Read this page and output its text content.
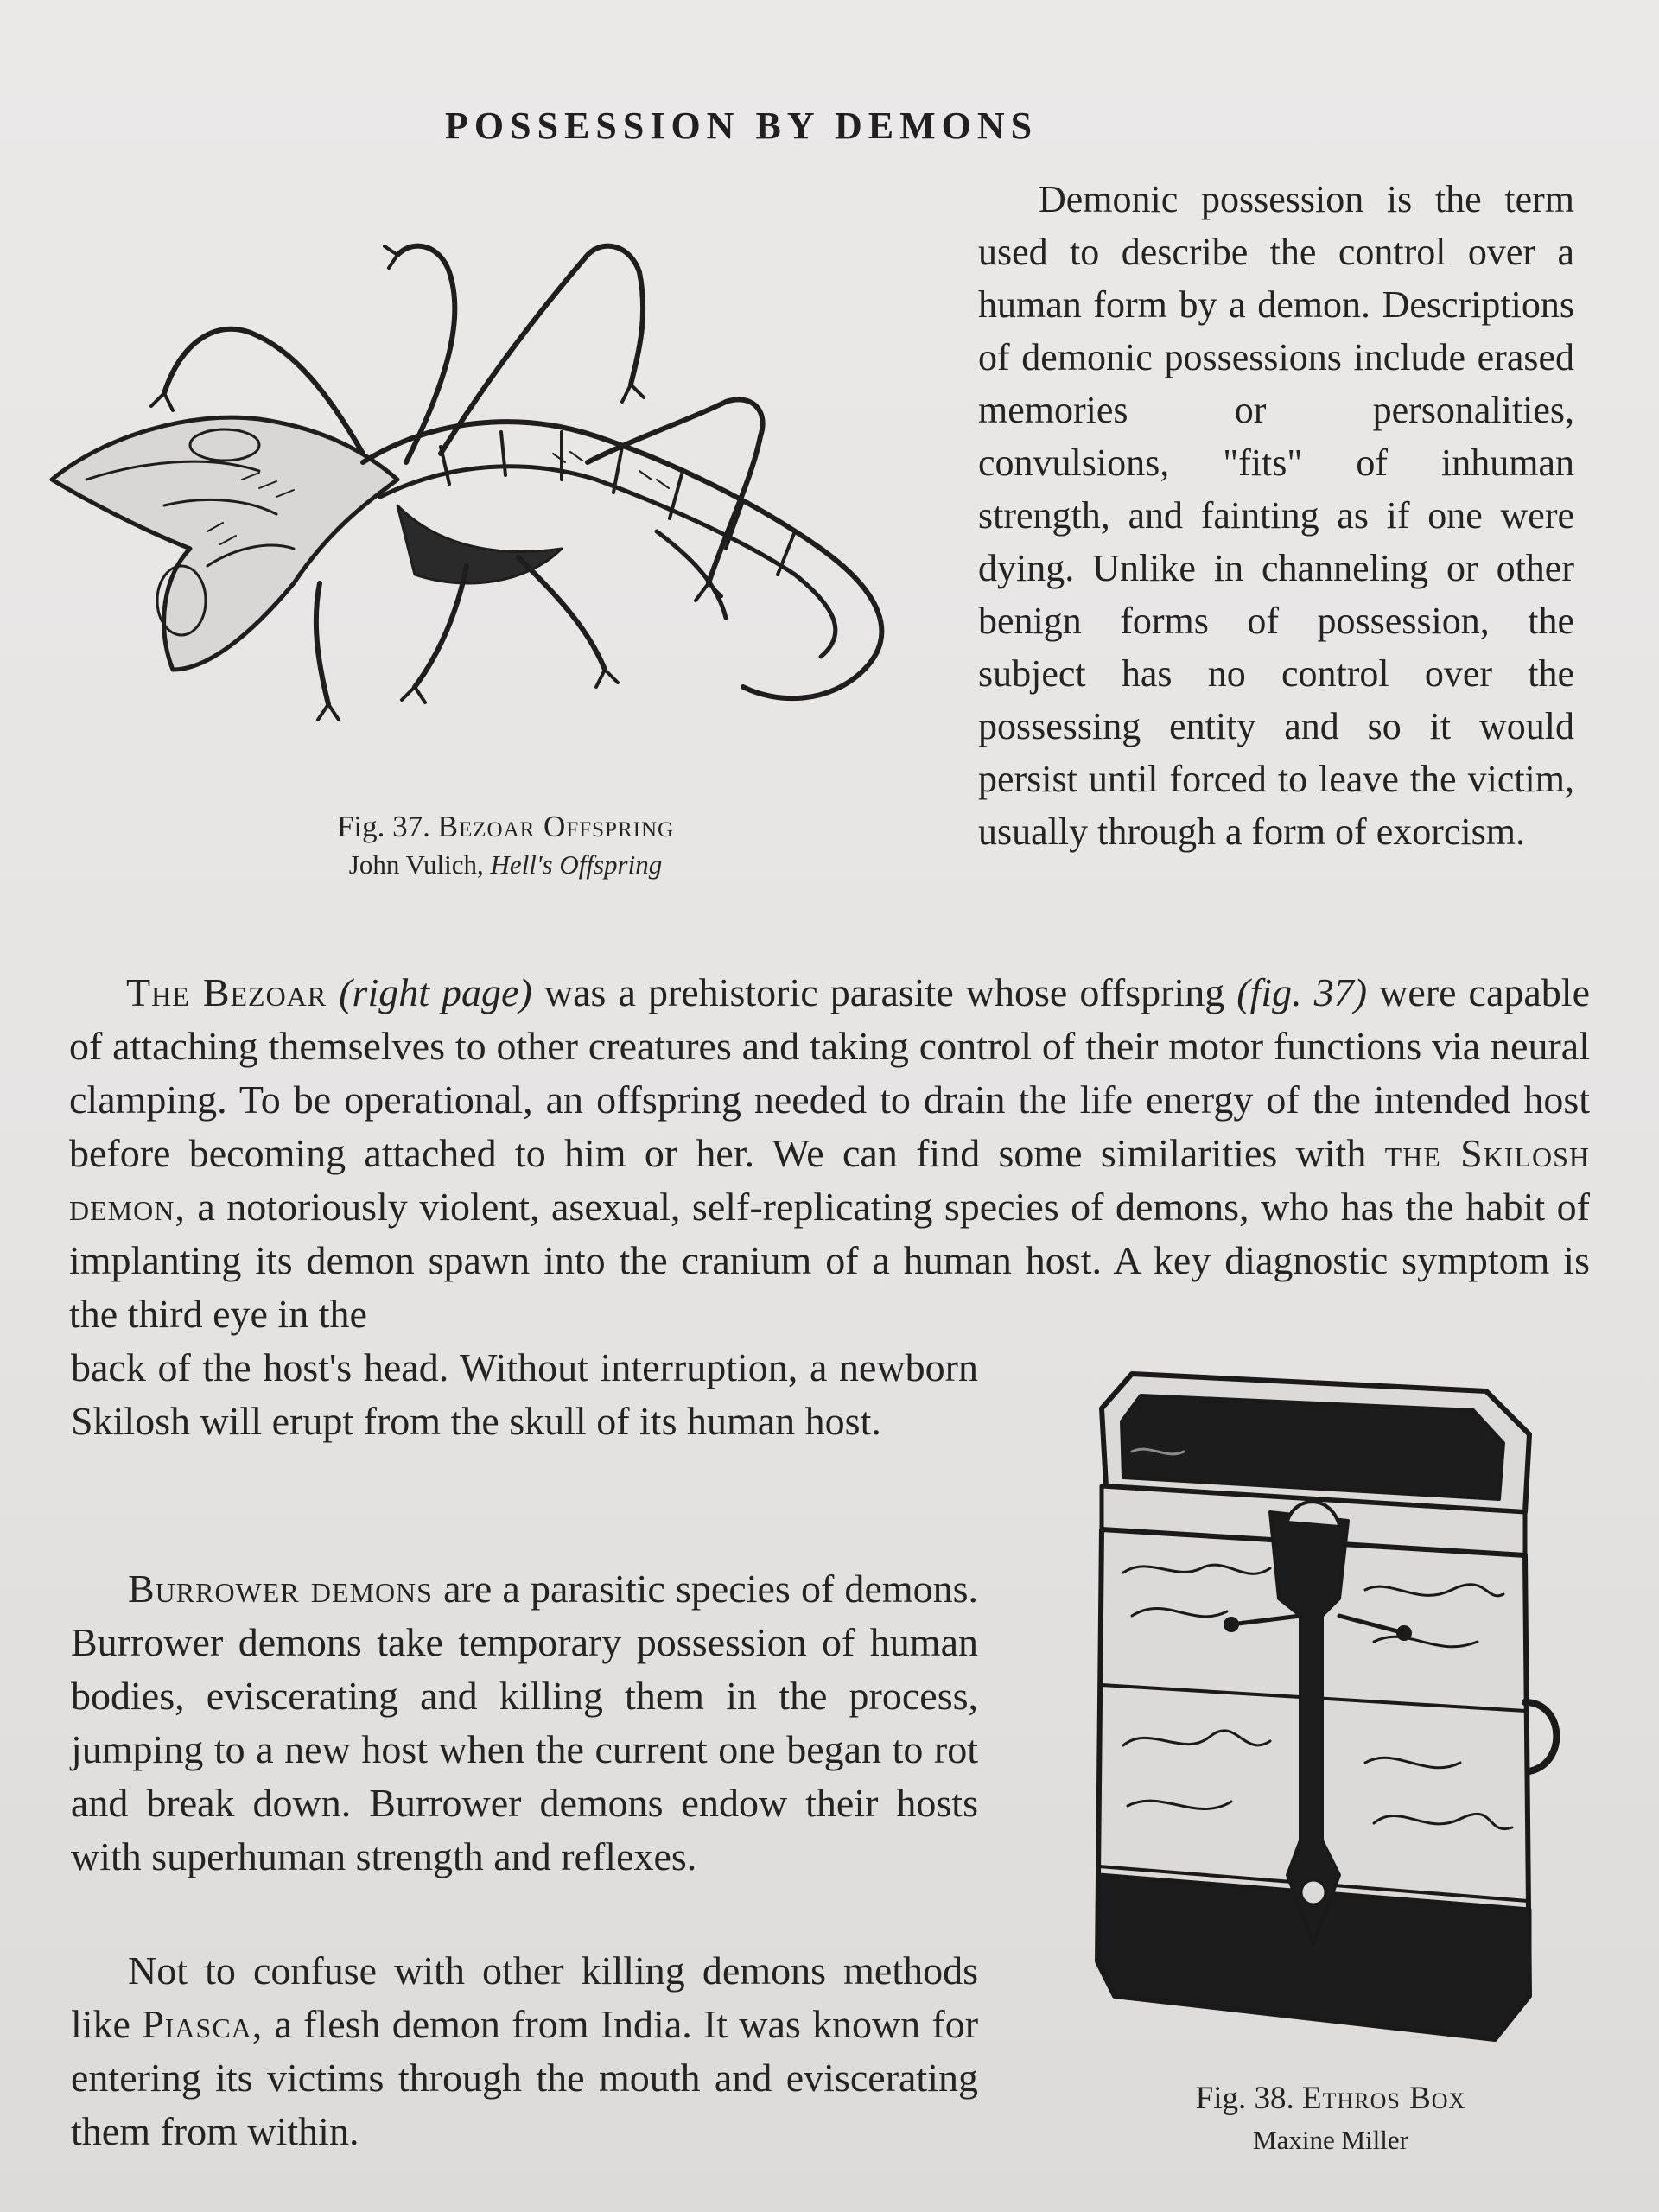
POSSESSION BY DEMONS
Fig. 37. Bezoar Offspring
John Vulich, Hell's Offspring

Demonic possession is the term used to describe the control over a human form by a demon. Descriptions of demonic possessions include erased memories or personalities, convulsions, "fits" of inhuman strength, and fainting as if one were dying. Unlike in channeling or other benign forms of possession, the subject has no control over the possessing entity and so it would persist until forced to leave the victim, usually through a form of exorcism.

The Bezoar (right page) was a prehistoric parasite whose offspring (fig. 37) were capable of attaching themselves to other creatures and taking control of their motor functions via neural clamping. To be operational, an offspring needed to drain the life energy of the intended host before becoming attached to him or her. We can find some similarities with the Skilosh demon, a notoriously violent, asexual, self-replicating species of demons, who has the habit of implanting its demon spawn into the cranium of a human host. A key diagnostic symptom is the third eye in the

back of the host's head. Without interruption, a newborn Skilosh will erupt from the skull of its human host.

Burrower demons are a parasitic species of demons. Burrower demons take temporary possession of human bodies, eviscerating and killing them in the process, jumping to a new host when the current one began to rot and break down. Burrower demons endow their hosts with superhuman strength and reflexes.

Not to confuse with other killing demons methods like Piasca, a flesh demon from India. It was known for entering its victims through the mouth and eviscerating them from within.

Fig. 38. Ethros Box
Maxine Miller
